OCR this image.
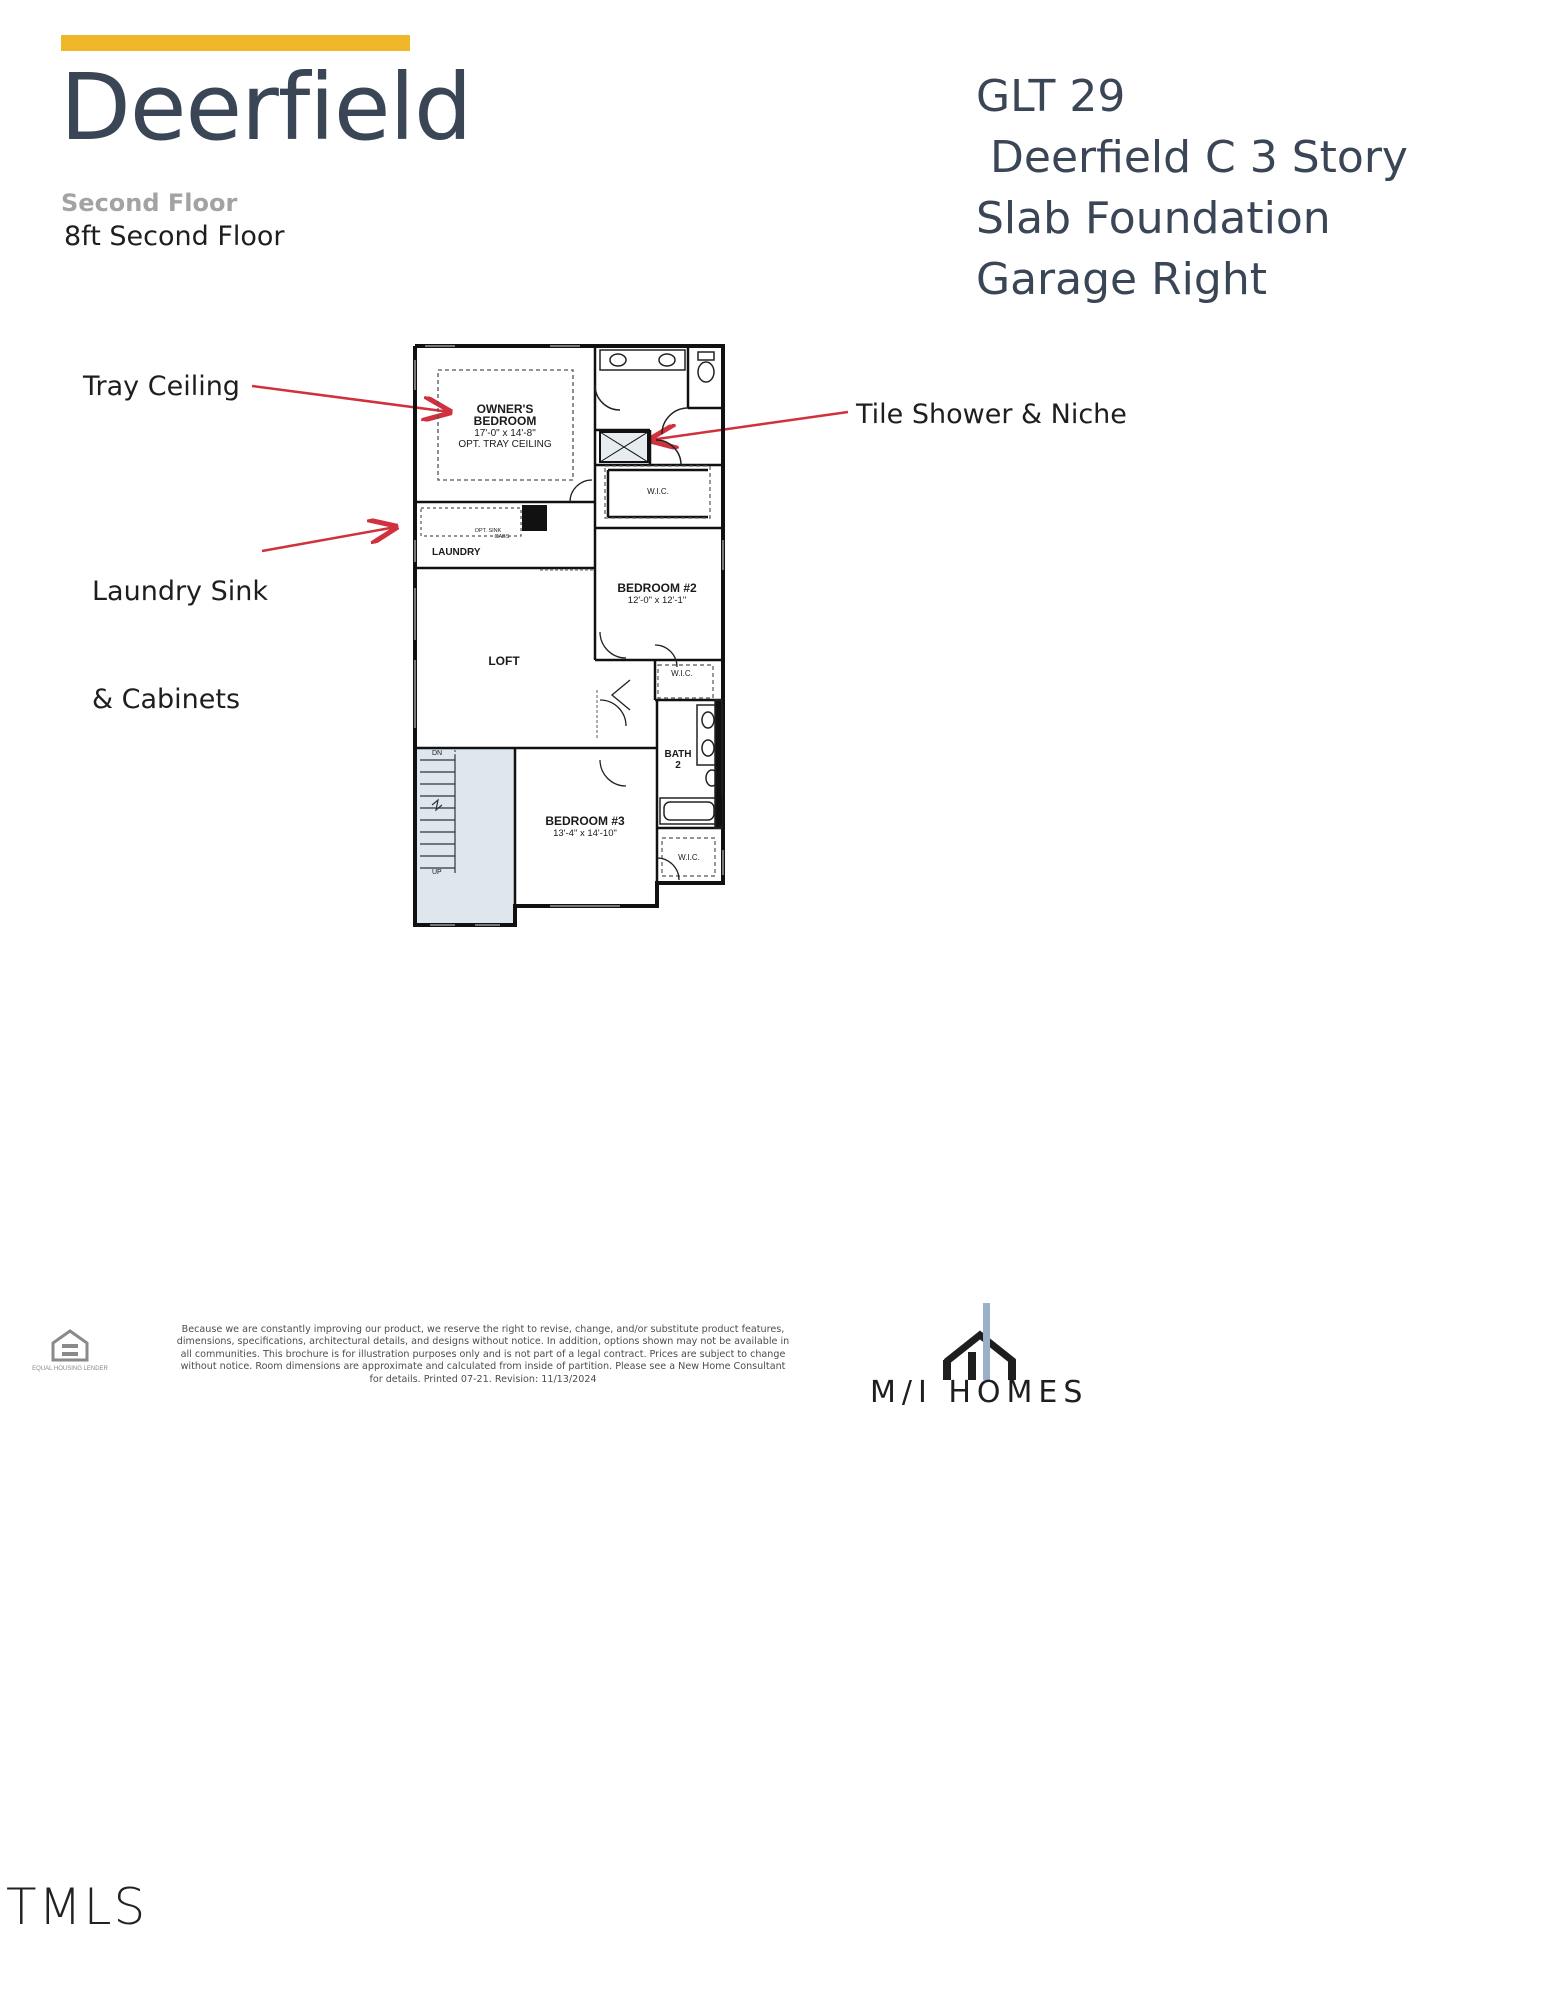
Deerfield
Second Floor
8ft Second Floor
GLT 29
Deerfield C 3 Story
Slab Foundation
Garage Right
Tray Ceiling
Tile Shower & Niche

Laundry Sink

& Cabinets

OWNER'S
BEDROOM
17'-0" x 14'-8"
OPT. TRAY CEILING
LAUNDRY
OPT. SINK
CABS
W.I.C.
BEDROOM #2
12'-0" x 12'-1"
W.I.C.
LOFT
BATH
2
BEDROOM #3
13'-4" x 14'-10"
W.I.C.
DN
UP
EQUAL HOUSING LENDER
Because we are constantly improving our product, we reserve the right to revise, change, and/or substitute product features, dimensions, specifications, architectural details, and designs without notice. In addition, options shown may not be available in all communities. This brochure is for illustration purposes only and is not part of a legal contract. Prices are subject to change without notice. Room dimensions are approximate and calculated from inside of partition. Please see a New Home Consultant for details. Printed 07-21. Revision: 11/13/2024	M/I HOMES
TMLS
